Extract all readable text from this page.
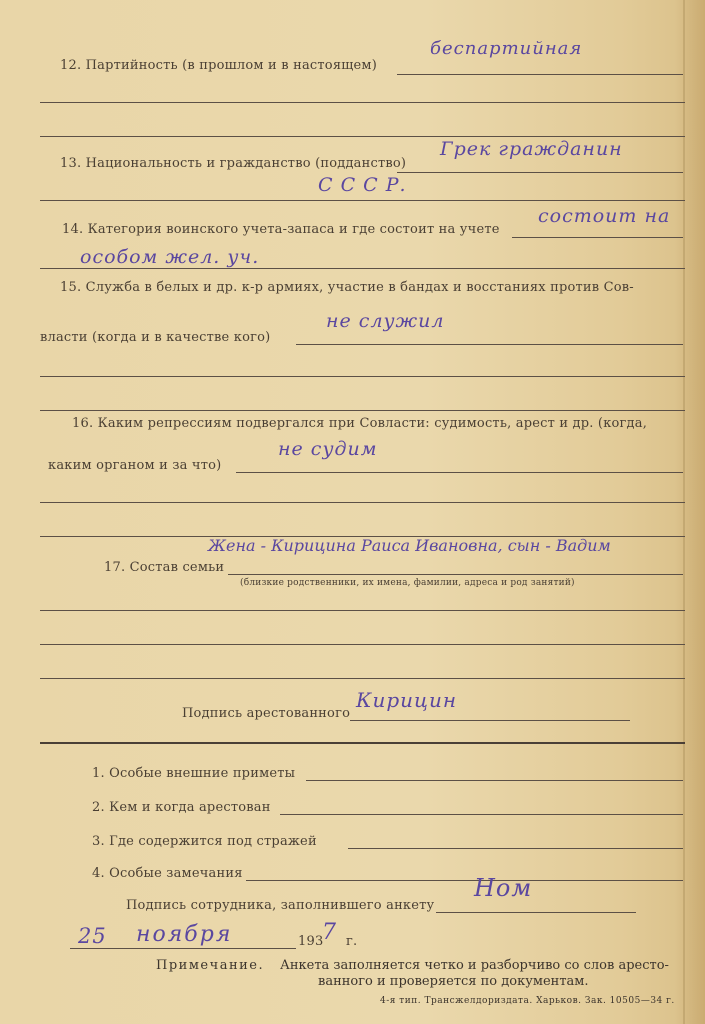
12. Партийность (в прошлом и в настоящем)
беспартийная
13. Национальность и гражданство (подданство)
Грек гражданин
С С С Р.
14. Категория воинского учета-запаса и где состоит на учете
состоит на
особом жел. уч.
15. Служба в белых и др. к-р армиях, участие в бандах и восстаниях против Сов-
власти (когда и в качестве кого)
не служил
16. Каким репрессиям подвергался при Совласти: судимость, арест и др. (когда,
каким органом и за что)
не судим
17. Состав семьи
Жена - Кирицина Раиса Ивановна, сын - Вадим
(близкие родственники, их имена, фамилии, адреса и род занятий)
Подпись арестованного
Кирицин
1. Особые внешние приметы
2. Кем и когда арестован
3. Где содержится под стражей
4. Особые замечания
Подпись сотрудника, заполнившего анкету
Ном
25 ноября	193
7 г.
Примечание. Анкета заполняется четко и разборчиво со слов аресто-
ванного и проверяется по документам.
4-я тип. Трансжелдориздата. Харьков. Зак. 10505—34 г.
